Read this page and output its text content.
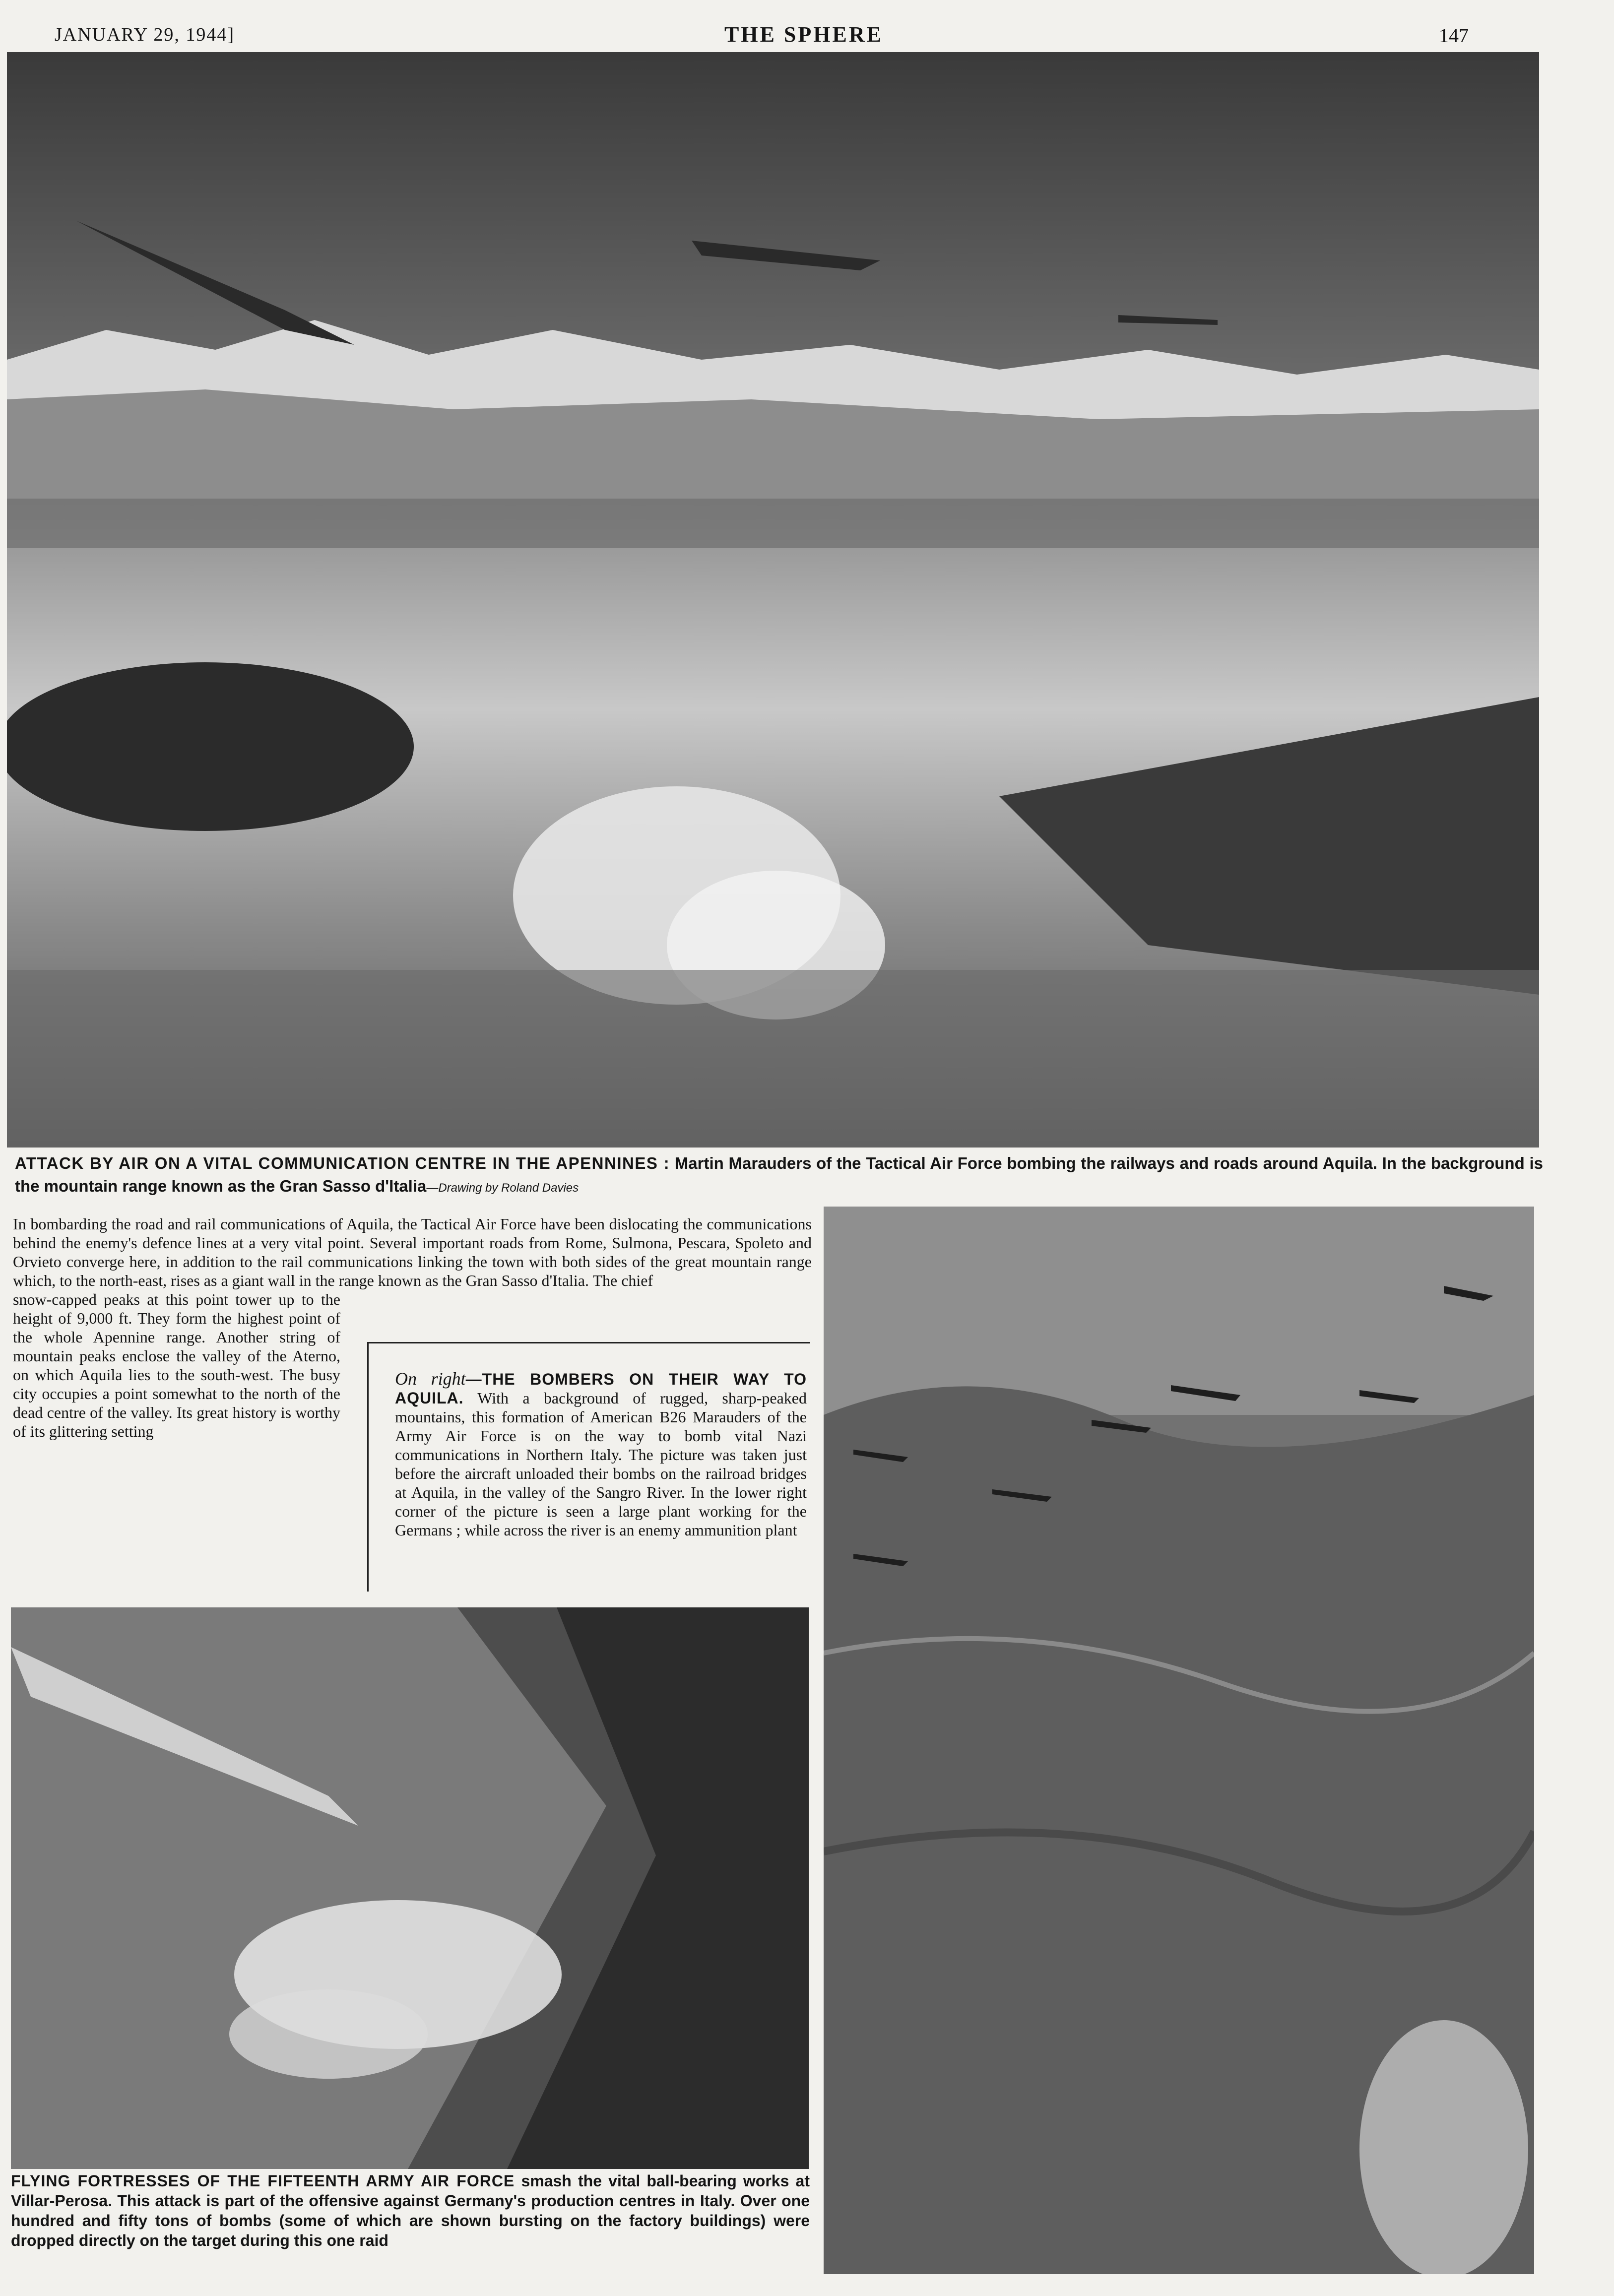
JANUARY 29, 1944]	THE SPHERE	147
ATTACK BY AIR ON A VITAL COMMUNICATION CENTRE IN THE APENNINES : Martin Marauders of the Tactical Air Force bombing the railways and roads around Aquila. In the background is the mountain range known as the Gran Sasso d'Italia—Drawing by Roland Davies
In bombarding the road and rail communications of Aquila, the Tactical Air Force have been dislocating the communications behind the enemy's defence lines at a very vital point. Several important roads from Rome, Sulmona, Pescara, Spoleto and Orvieto converge here, in addition to the rail communications linking the town with both sides of the great mountain range which, to the north-east, rises as a giant wall in the range known as the Gran Sasso d'Italia. The chief
snow-capped peaks at this point tower up to the height of 9,000 ft. They form the highest point of the whole Apennine range. Another string of mountain peaks enclose the valley of the Aterno, on which Aquila lies to the south-west. The busy city occupies a point somewhat to the north of the dead centre of the valley. Its great history is worthy of its glittering setting
On right—THE BOMBERS ON THEIR WAY TO AQUILA. With a background of rugged, sharp-peaked mountains, this formation of American B26 Marauders of the Army Air Force is on the way to bomb vital Nazi communications in Northern Italy. The picture was taken just before the aircraft unloaded their bombs on the railroad bridges at Aquila, in the valley of the Sangro River. In the lower right corner of the picture is seen a large plant working for the Germans ; while across the river is an enemy ammunition plant
FLYING FORTRESSES OF THE FIFTEENTH ARMY AIR FORCE smash the vital ball-bearing works at Villar-Perosa. This attack is part of the offensive against Germany's production centres in Italy. Over one hundred and fifty tons of bombs (some of which are shown bursting on the factory buildings) were dropped directly on the target during this one raid
